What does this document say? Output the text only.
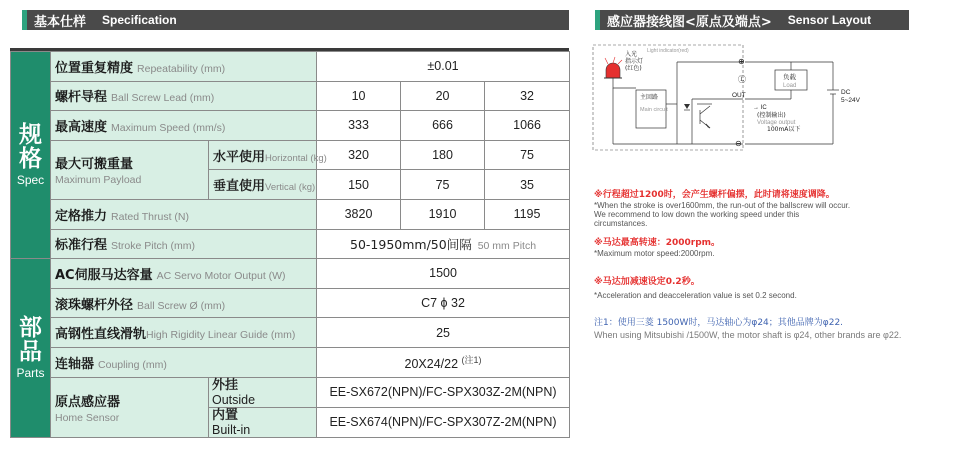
基本仕样 Specification	感应器接线图<原点及端点> Sensor Layout
规
格
Spec	位置重复精度 Repeatability (mm)		±0.01		
	螺杆导程 Ball Screw Lead (mm)		10	20	32
	最高速度 Maximum Speed (mm/s)		333	666	1066
	最大可搬重量
Maximum Payload	水平使用Horizontal (kg)	320	180	75
		垂直使用Vertical (kg)	150	75	35
	定格推力 Rated Thrust (N)		3820	1910	1195
	标准行程 Stroke Pitch (mm)		50-1950mm/50间隔 50 mm Pitch		

部
品
Parts	AC伺服马达容量 AC Servo Motor Output (W)		1500		
	滚珠螺杆外径 Ball Screw Ø (mm)		C7 ϕ 32		
	高钢性直线滑轨High Rigidity Linear Guide (mm)		25		
	连轴器 Coupling (mm)		20X24/22 $^{(注1)}$
	原点感应器
Home Sensor	外挂
Outside	EE-SX672(NPN)/FC-SPX303Z-2M(NPN)		

		内置
Built-in	EE-SX674(NPN)/FC-SPX307Z-2M(NPN)		
入光指示灯(红色)
Light indicator(red)
主回路
Main circuit
⊕
Ⓛ
⊖
OUT
负载
Load
DC
5~24V
→ IC
(控制输出)
Voltage output
100mA以下
※行程超过1200时，会产生螺杆偏摆，此时请将速度调降。
*When the stroke is over1600mm, the run-out of the ballscrew will occur.
We recommend to low down the working speed under this
circumstances.
※马达最高转速：2000rpm。
*Maximum motor speed:2000rpm.
※马达加减速设定0.2秒。
*Acceleration and deacceleration value is set 0.2 second.
注1：使用三菱 1500W时，马达轴心为φ24；其他品牌为φ22.
When using Mitsubishi /1500W, the motor shaft is φ24, other brands are φ22.
